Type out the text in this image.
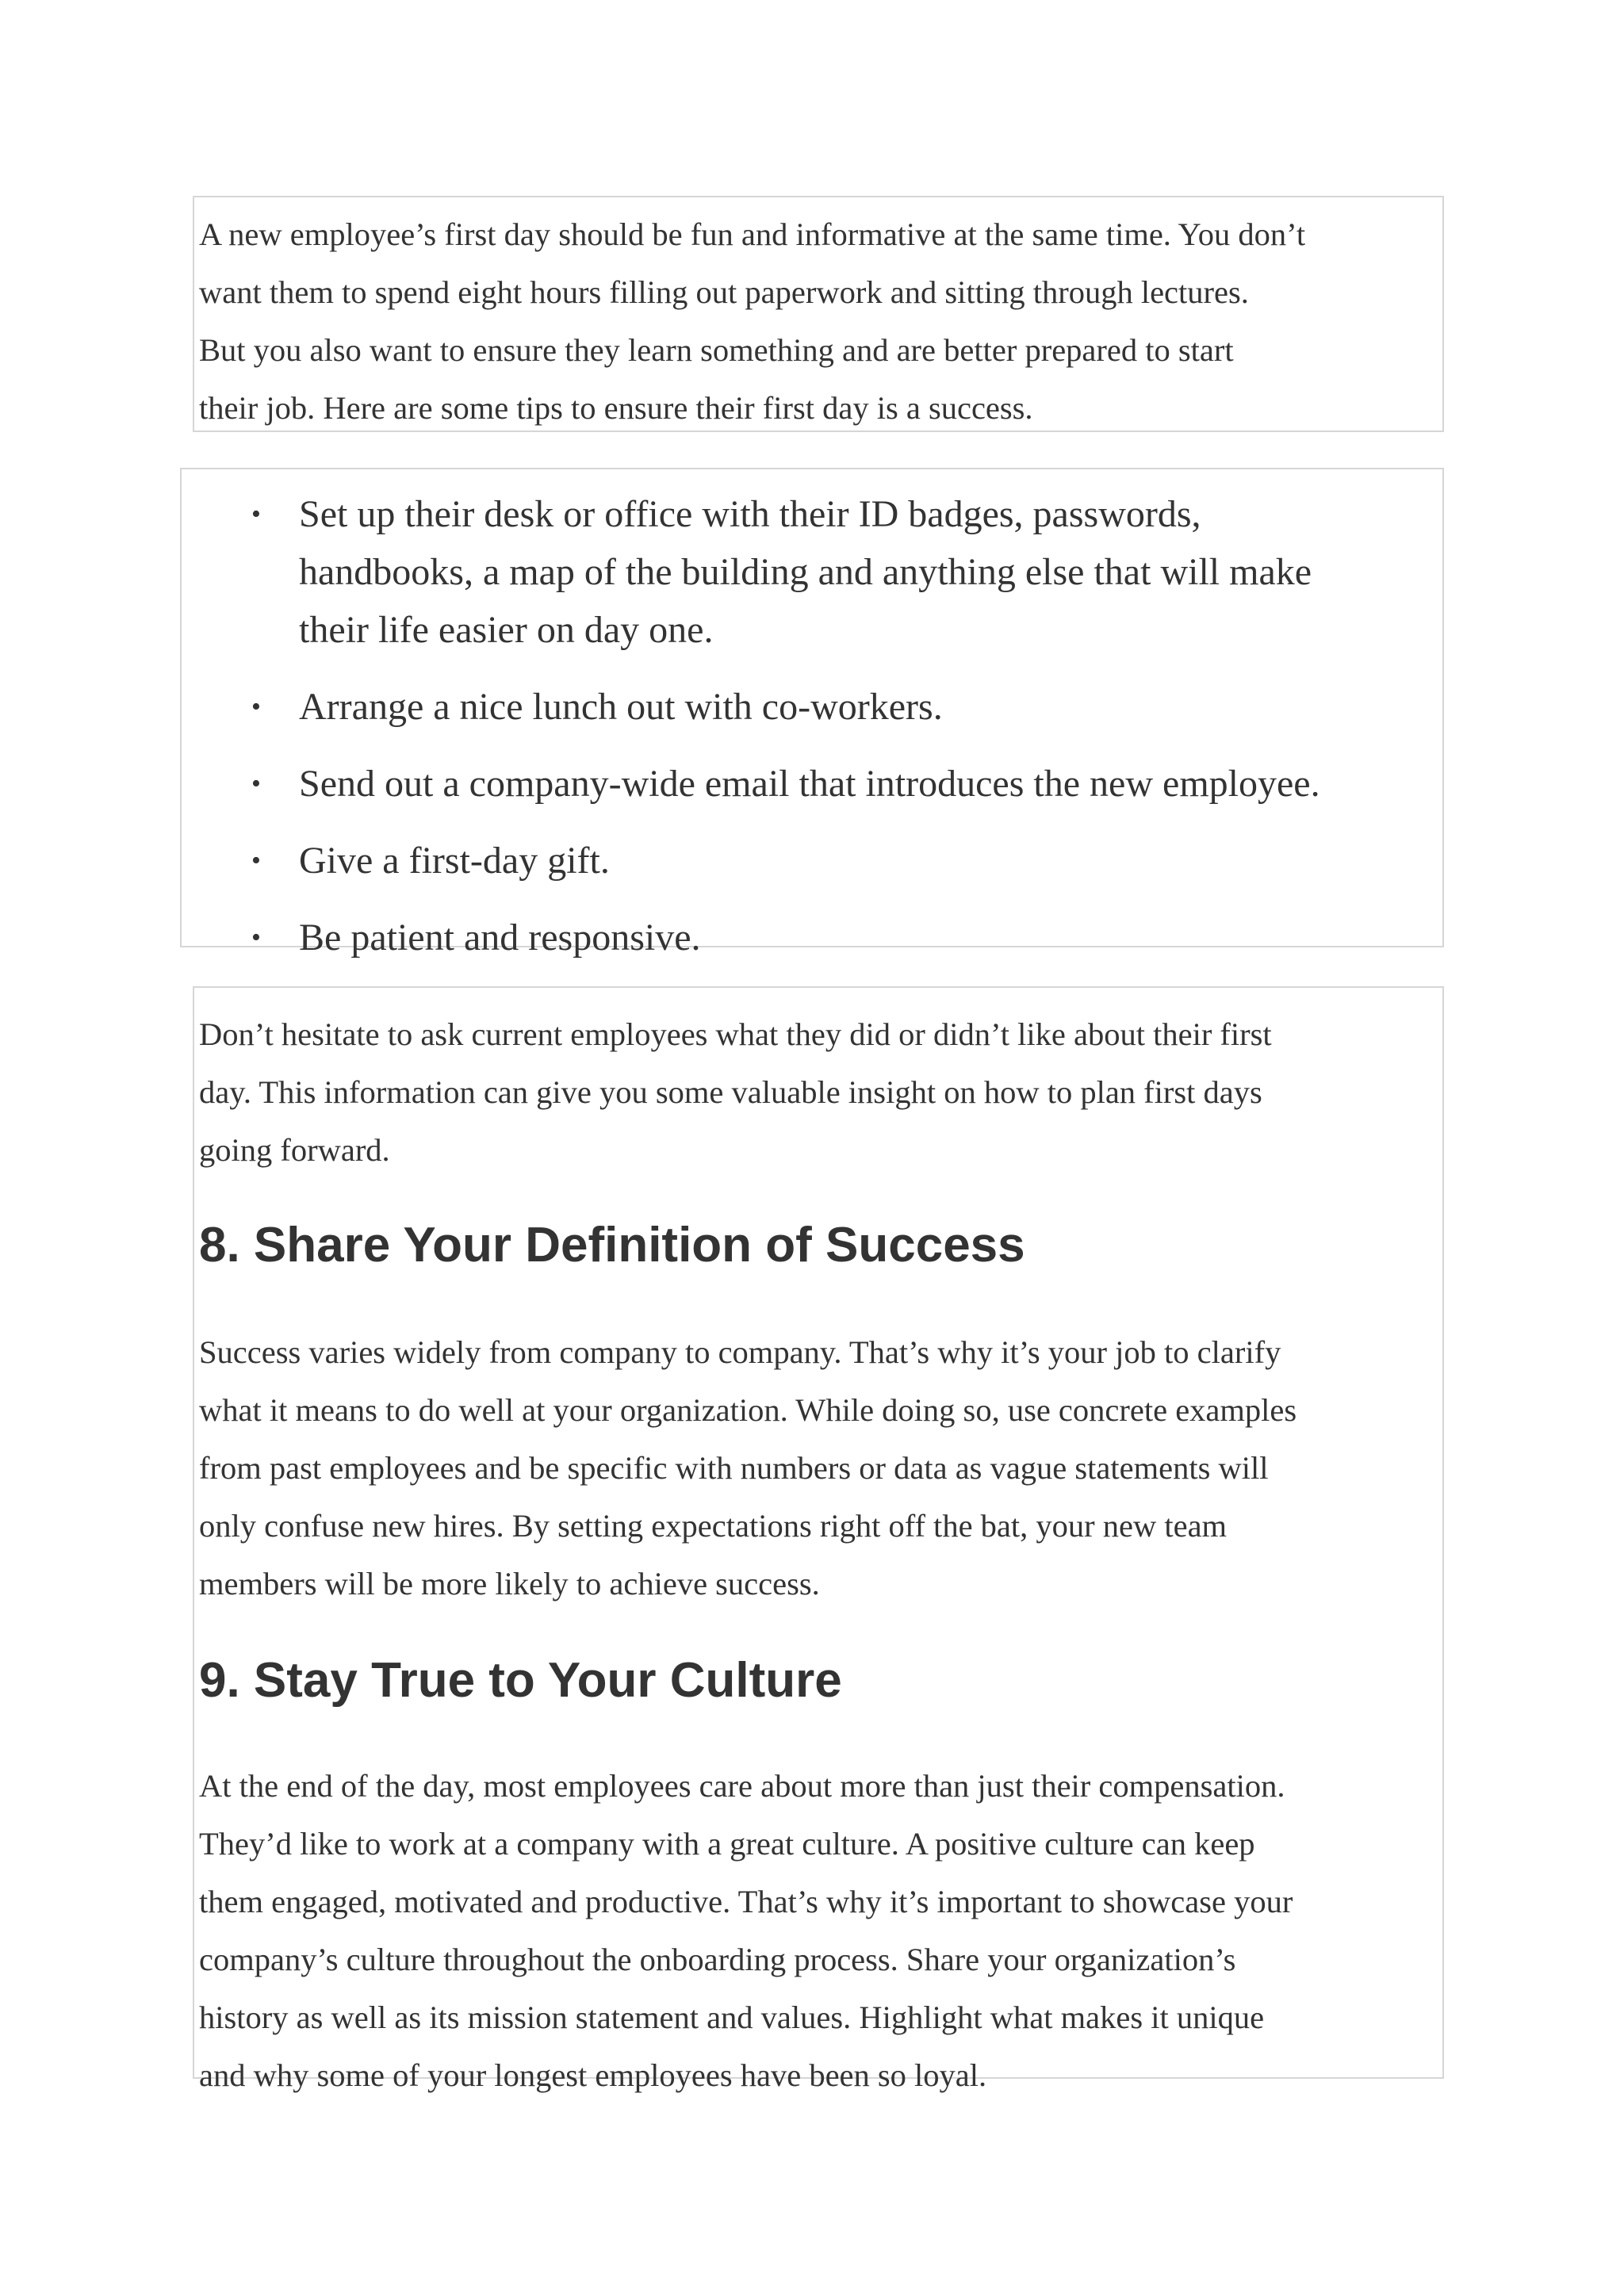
A new employee’s first day should be fun and informative at the same time. You don’t
want them to spend eight hours filling out paperwork and sitting through lectures.
But you also want to ensure they learn something and are better prepared to start
their job. Here are some tips to ensure their first day is a success.

• Set up their desk or office with their ID badges, passwords,
handbooks, a map of the building and anything else that will make
their life easier on day one.
• Arrange a nice lunch out with co-workers.
• Send out a company-wide email that introduces the new employee.
• Give a first-day gift.
• Be patient and responsive.

Don’t hesitate to ask current employees what they did or didn’t like about their first
day. This information can give you some valuable insight on how to plan first days
going forward.

8. Share Your Definition of Success

Success varies widely from company to company. That’s why it’s your job to clarify
what it means to do well at your organization. While doing so, use concrete examples
from past employees and be specific with numbers or data as vague statements will
only confuse new hires. By setting expectations right off the bat, your new team
members will be more likely to achieve success.

9. Stay True to Your Culture

At the end of the day, most employees care about more than just their compensation.
They’d like to work at a company with a great culture. A positive culture can keep
them engaged, motivated and productive. That’s why it’s important to showcase your
company’s culture throughout the onboarding process. Share your organization’s
history as well as its mission statement and values. Highlight what makes it unique
and why some of your longest employees have been so loyal.
